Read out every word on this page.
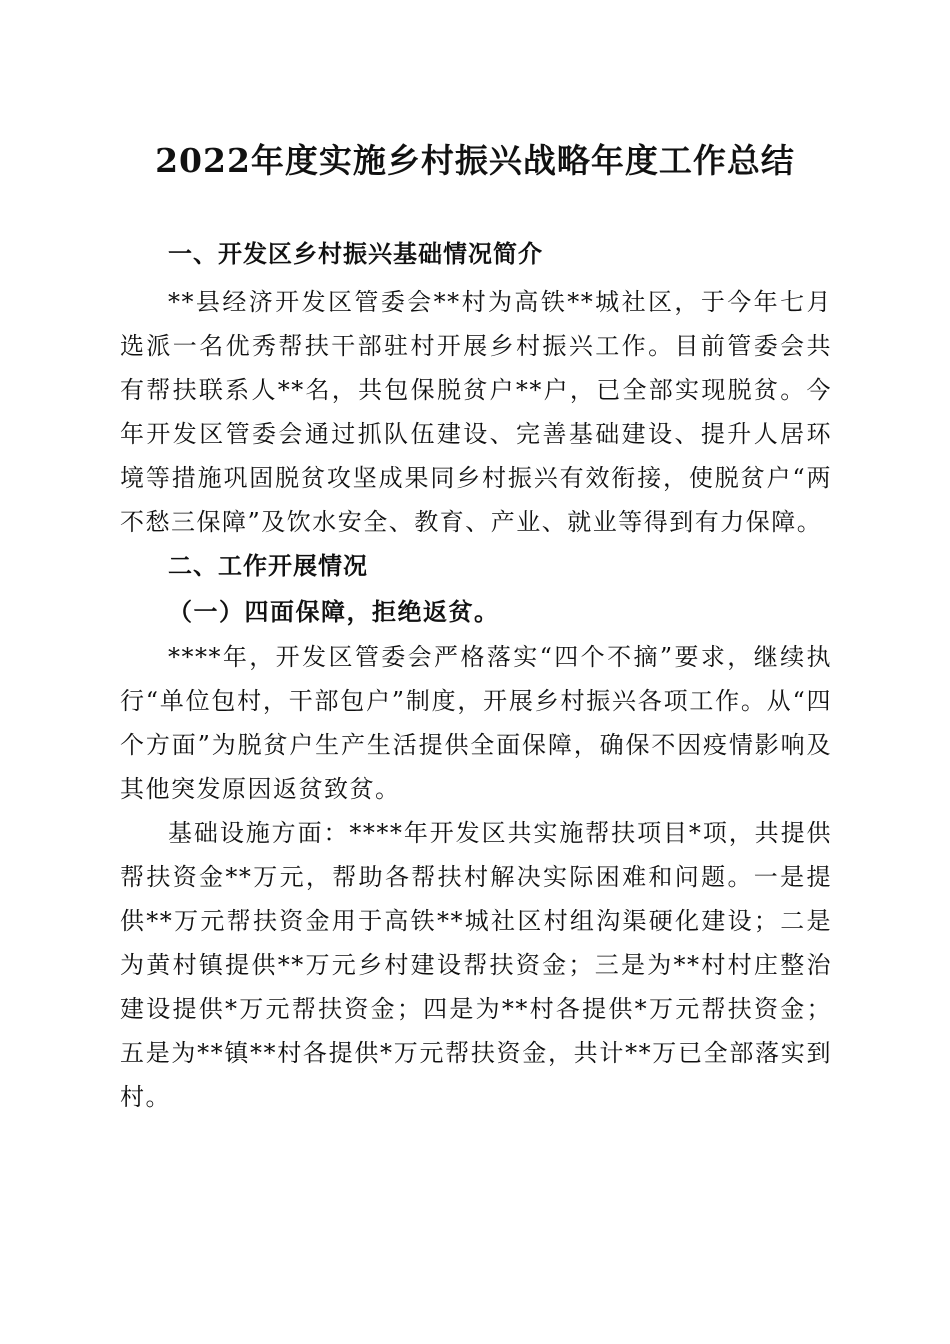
2022年度实施乡村振兴战略年度工作总结

一、开发区乡村振兴基础情况简介

**县经济开发区管委会**村为高铁**城社区，于今年七月选派一名优秀帮扶干部驻村开展乡村振兴工作。目前管委会共有帮扶联系人**名，共包保脱贫户**户，已全部实现脱贫。今年开发区管委会通过抓队伍建设、完善基础建设、提升人居环境等措施巩固脱贫攻坚成果同乡村振兴有效衔接，使脱贫户“两不愁三保障”及饮水安全、教育、产业、就业等得到有力保障。

二、工作开展情况

（一）四面保障，拒绝返贫。

****年，开发区管委会严格落实“四个不摘”要求，继续执行“单位包村，干部包户”制度，开展乡村振兴各项工作。从“四个方面”为脱贫户生产生活提供全面保障，确保不因疫情影响及其他突发原因返贫致贫。

基础设施方面：****年开发区共实施帮扶项目*项，共提供帮扶资金**万元，帮助各帮扶村解决实际困难和问题。一是提供**万元帮扶资金用于高铁**城社区村组沟渠硬化建设；二是为黄村镇提供**万元乡村建设帮扶资金；三是为**村村庄整治建设提供*万元帮扶资金；四是为**村各提供*万元帮扶资金；五是为**镇**村各提供*万元帮扶资金，共计**万已全部落实到村。
